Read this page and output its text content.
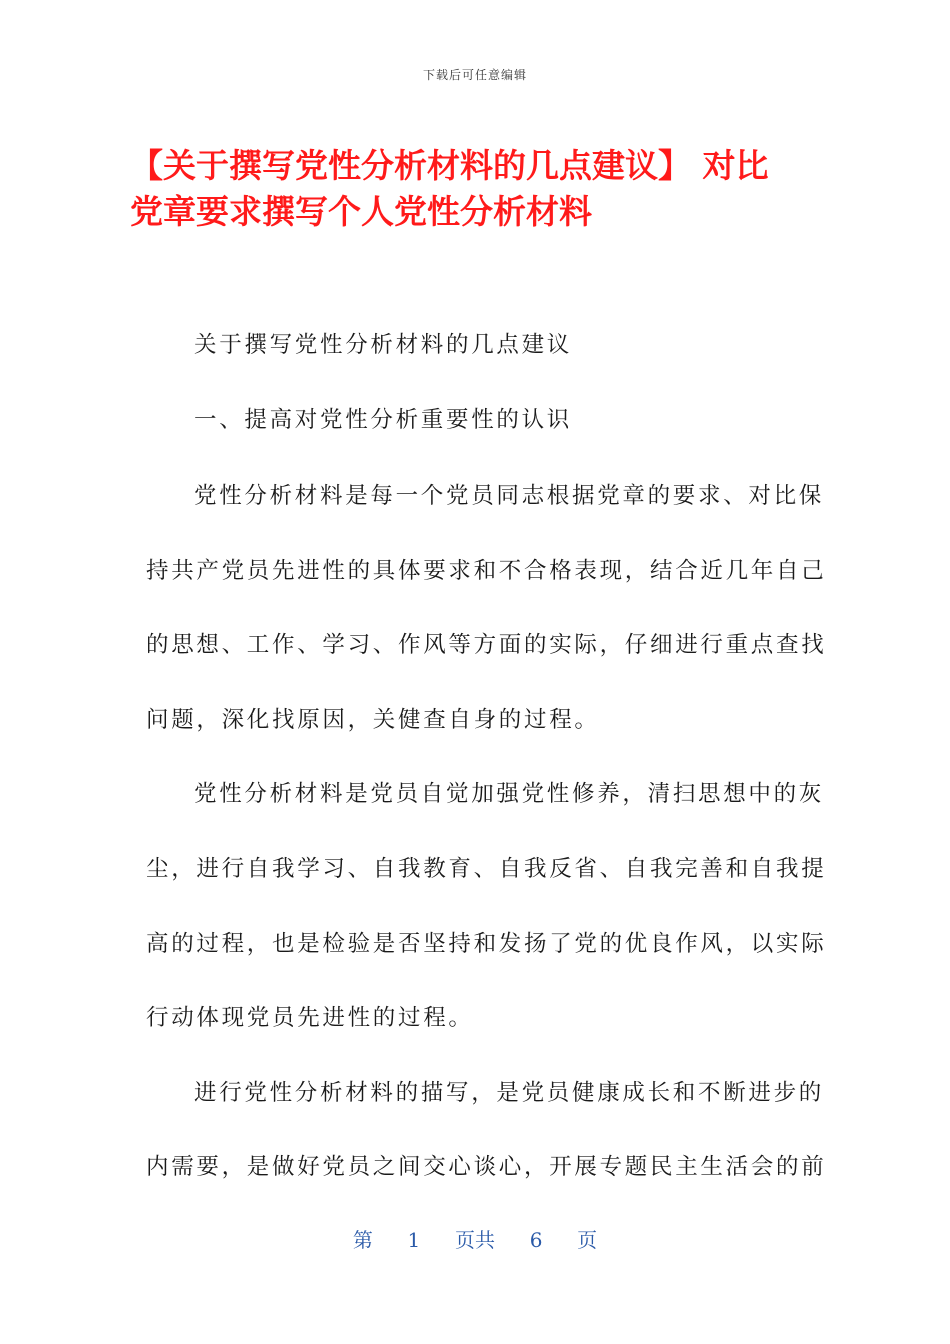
下载后可任意编辑
【关于撰写党性分析材料的几点建议】 对比
党章要求撰写个人党性分析材料
关于撰写党性分析材料的几点建议
一、提高对党性分析重要性的认识
党性分析材料是每一个党员同志根据党章的要求、对比保
持共产党员先进性的具体要求和不合格表现，结合近几年自己
的思想、工作、学习、作风等方面的实际，仔细进行重点查找
问题，深化找原因，关健查自身的过程。
党性分析材料是党员自觉加强党性修养，清扫思想中的灰
尘，进行自我学习、自我教育、自我反省、自我完善和自我提
高的过程，也是检验是否坚持和发扬了党的优良作风，以实际
行动体现党员先进性的过程。
进行党性分析材料的描写，是党员健康成长和不断进步的
内需要，是做好党员之间交心谈心，开展专题民主生活会的前
第 1 页共 6 页
